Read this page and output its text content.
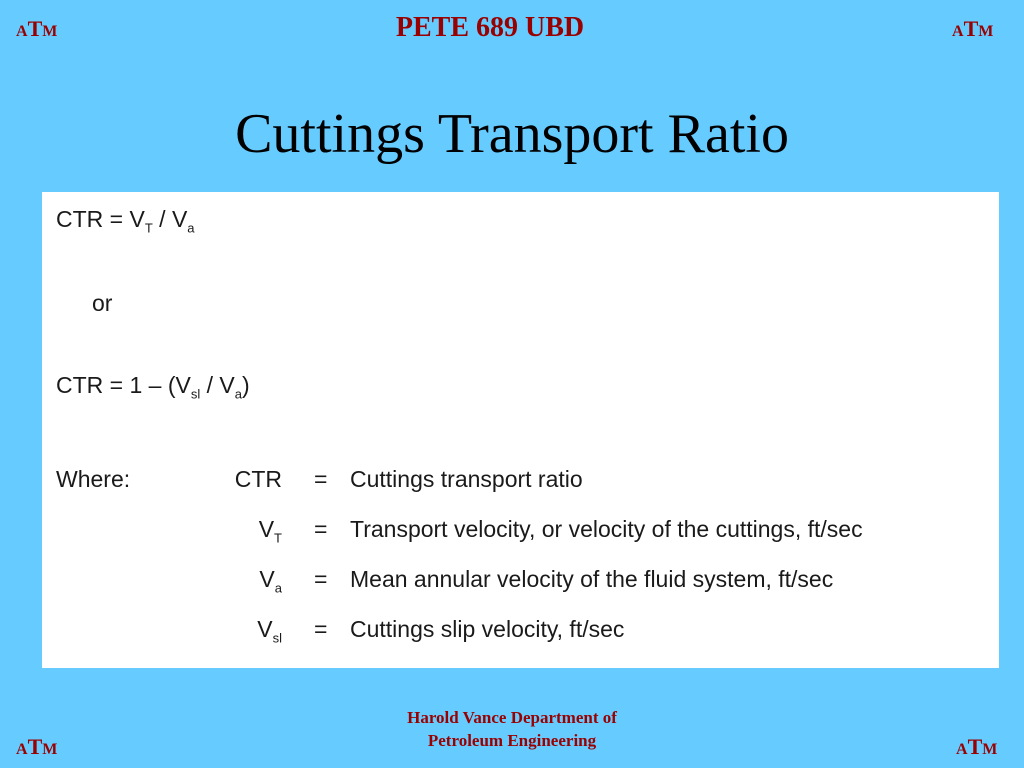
ATM	PETE 689 UBD	ATM
Cuttings Transport Ratio
CTR = $V_T / V_a$
or
CTR = $1 - (V_{sl} / V_a)$
Where:	CTR = Cuttings transport ratio
$V_T$ = Transport velocity, or velocity of the cuttings, ft/sec
$V_a$ = Mean annular velocity of the fluid system, ft/sec
$V_{sl}$ = Cuttings slip velocity, ft/sec
ATM
Harold Vance Department of
Petroleum Engineering	ATM
